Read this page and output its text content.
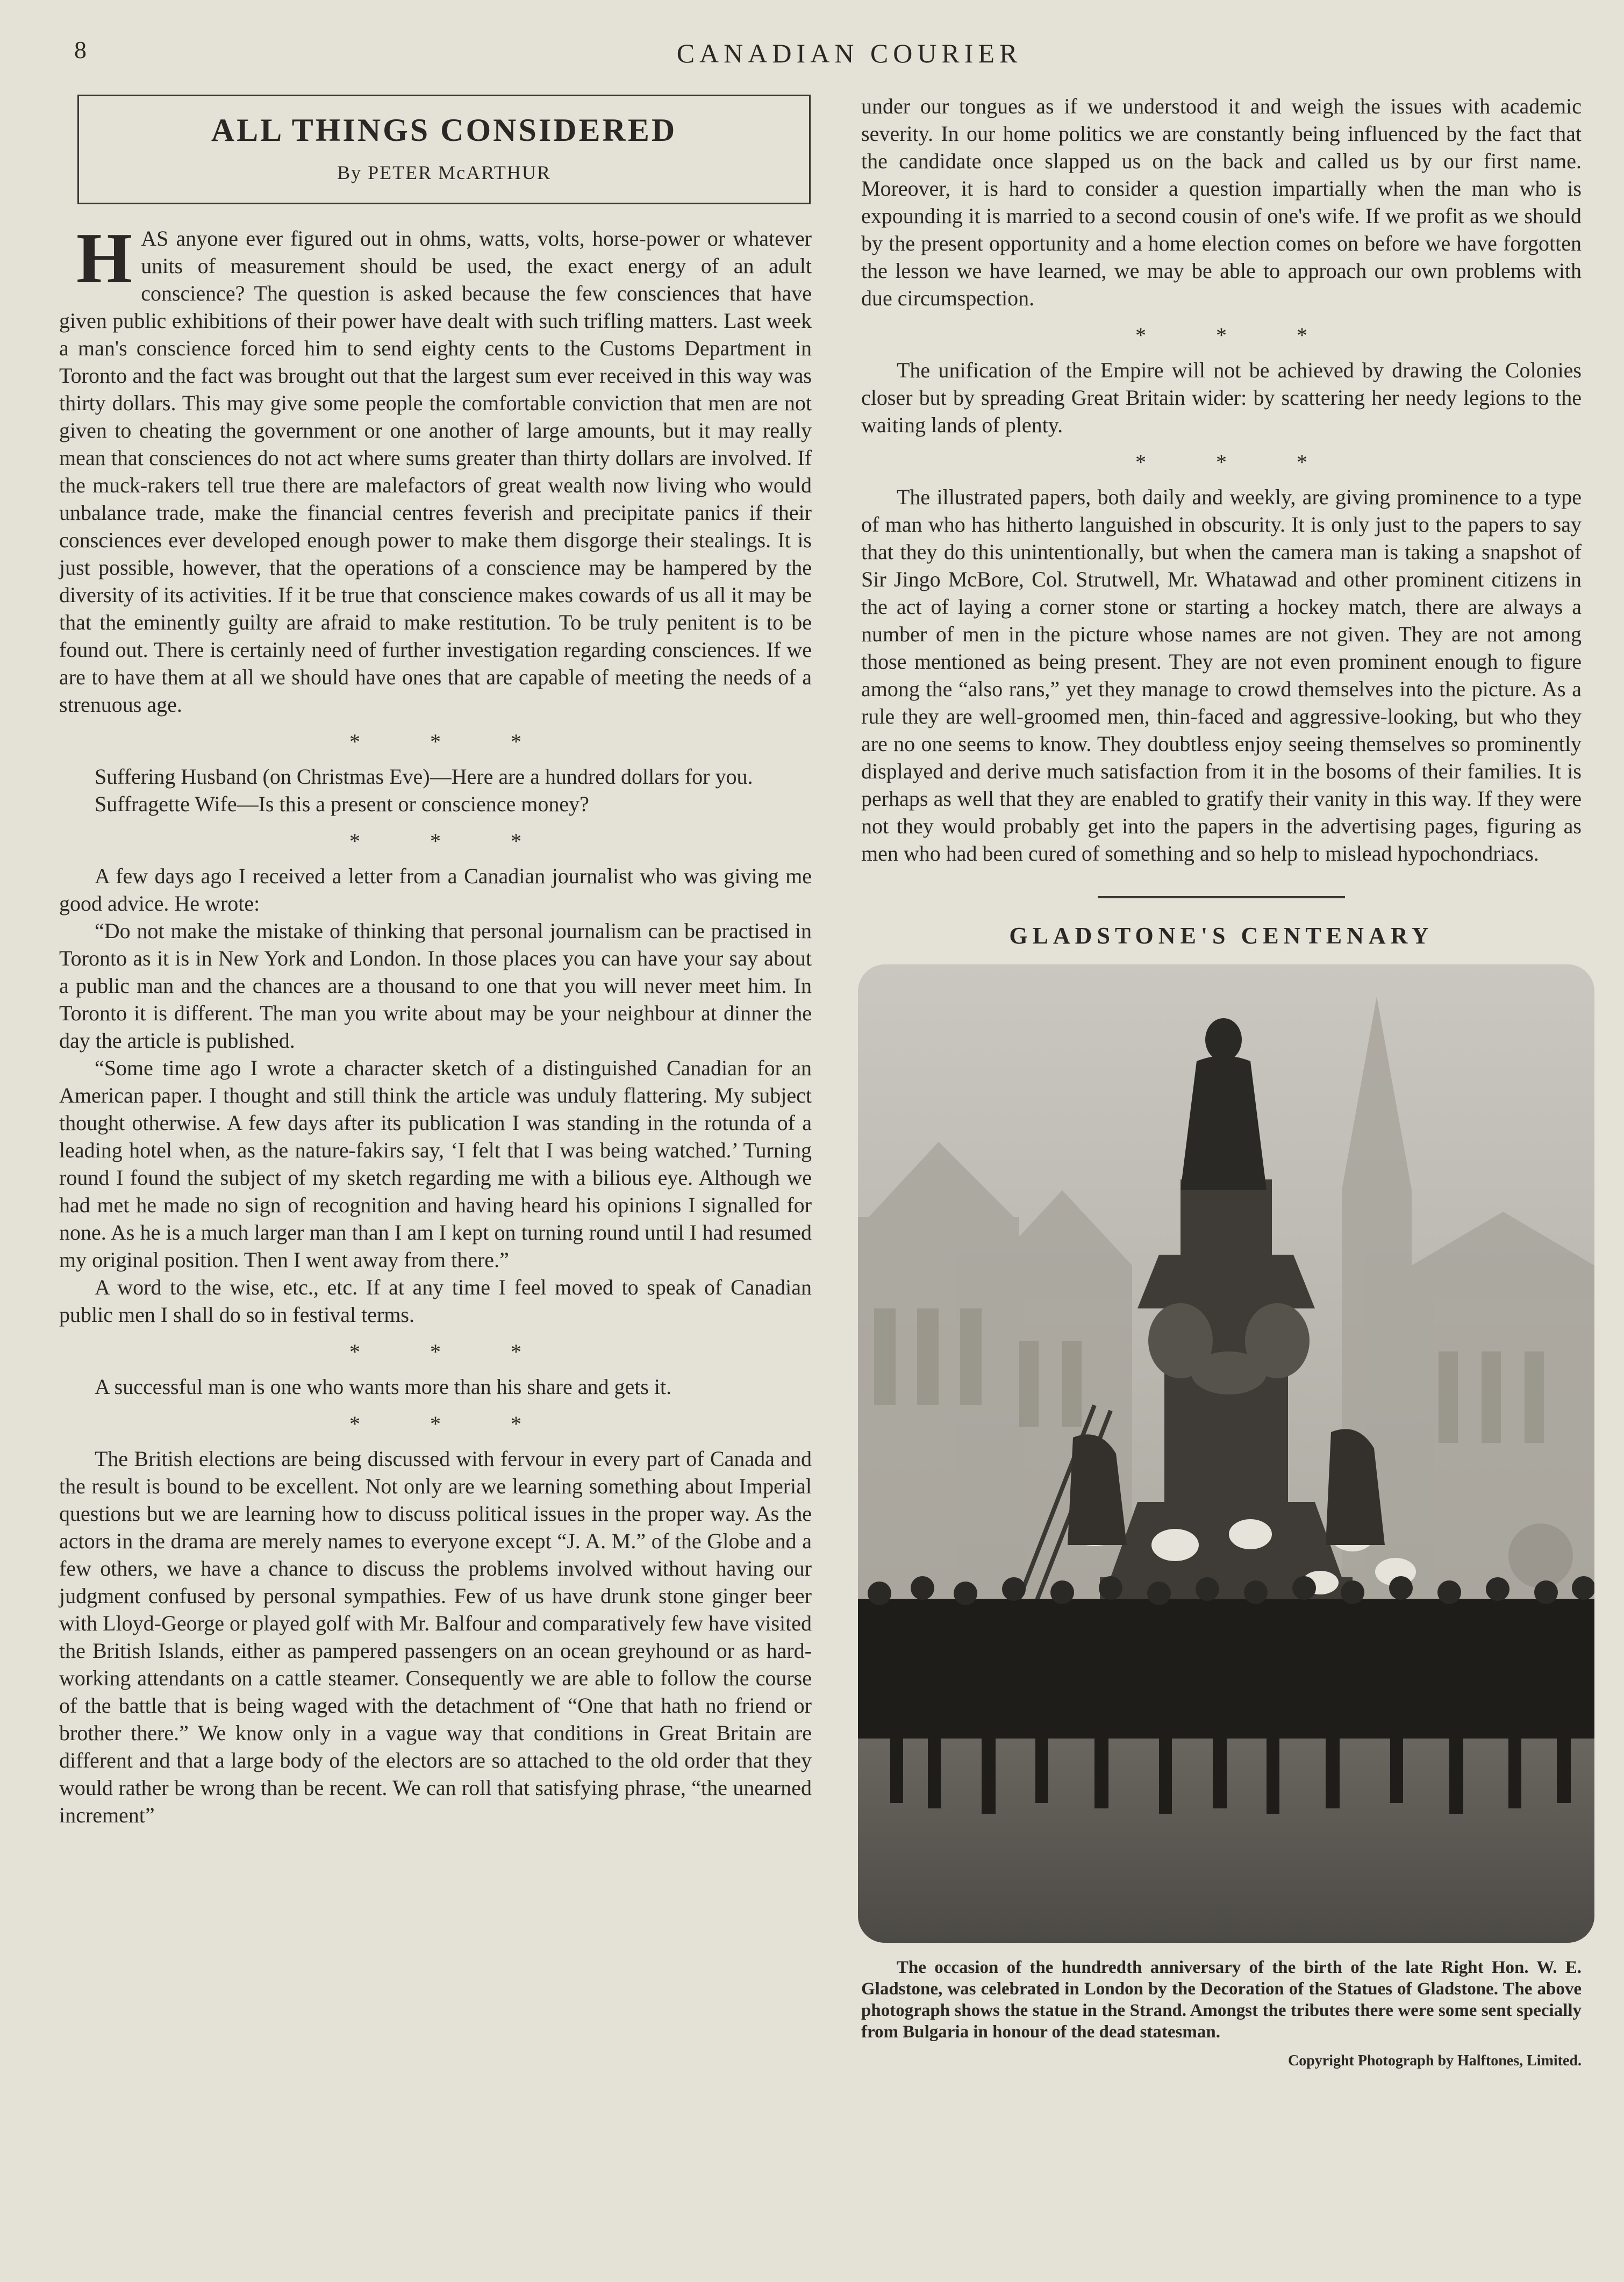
8	CANADIAN COURIER
ALL THINGS CONSIDERED
By PETER McARTHUR

HAS anyone ever figured out in ohms, watts, volts, horse-power or whatever units of measurement should be used, the exact energy of an adult conscience? The question is asked because the few consciences that have given public exhibitions of their power have dealt with such trifling matters. Last week a man's conscience forced him to send eighty cents to the Customs Department in Toronto and the fact was brought out that the largest sum ever received in this way was thirty dollars. This may give some people the comfortable conviction that men are not given to cheating the government or one another of large amounts, but it may really mean that consciences do not act where sums greater than thirty dollars are involved. If the muck-rakers tell true there are malefactors of great wealth now living who would unbalance trade, make the financial centres feverish and precipitate panics if their consciences ever developed enough power to make them disgorge their stealings. It is just possible, however, that the operations of a conscience may be hampered by the diversity of its activities. If it be true that conscience makes cowards of us all it may be that the eminently guilty are afraid to make restitution. To be truly penitent is to be found out. There is certainly need of further investigation regarding consciences. If we are to have them at all we should have ones that are capable of meeting the needs of a strenuous age.

* * *

Suffering Husband (on Christmas Eve)—Here are a hundred dollars for you.

Suffragette Wife—Is this a present or conscience money?

* * *

A few days ago I received a letter from a Canadian journalist who was giving me good advice. He wrote:

“Do not make the mistake of thinking that personal journalism can be practised in Toronto as it is in New York and London. In those places you can have your say about a public man and the chances are a thousand to one that you will never meet him. In Toronto it is different. The man you write about may be your neighbour at dinner the day the article is published.

“Some time ago I wrote a character sketch of a distinguished Canadian for an American paper. I thought and still think the article was unduly flattering. My subject thought otherwise. A few days after its publication I was standing in the rotunda of a leading hotel when, as the nature-fakirs say, ‘I felt that I was being watched.’ Turning round I found the subject of my sketch regarding me with a bilious eye. Although we had met he made no sign of recognition and having heard his opinions I signalled for none. As he is a much larger man than I am I kept on turning round until I had resumed my original position. Then I went away from there.”

A word to the wise, etc., etc. If at any time I feel moved to speak of Canadian public men I shall do so in festival terms.

* * *

A successful man is one who wants more than his share and gets it.

* * *

The British elections are being discussed with fervour in every part of Canada and the result is bound to be excellent. Not only are we learning something about Imperial questions but we are learning how to discuss political issues in the proper way. As the actors in the drama are merely names to everyone except “J. A. M.” of the Globe and a few others, we have a chance to discuss the problems involved without having our judgment confused by personal sympathies. Few of us have drunk stone ginger beer with Lloyd-George or played golf with Mr. Balfour and comparatively few have visited the British Islands, either as pampered passengers on an ocean greyhound or as hard-working attendants on a cattle steamer. Consequently we are able to follow the course of the battle that is being waged with the detachment of “One that hath no friend or brother there.” We know only in a vague way that conditions in Great Britain are different and that a large body of the electors are so attached to the old order that they would rather be wrong than be recent. We can roll that satisfying phrase, “the unearned increment”

under our tongues as if we understood it and weigh the issues with academic severity. In our home politics we are constantly being influenced by the fact that the candidate once slapped us on the back and called us by our first name. Moreover, it is hard to consider a question impartially when the man who is expounding it is married to a second cousin of one's wife. If we profit as we should by the present opportunity and a home election comes on before we have forgotten the lesson we have learned, we may be able to approach our own problems with due circumspection.

* * *

The unification of the Empire will not be achieved by drawing the Colonies closer but by spreading Great Britain wider: by scattering her needy legions to the waiting lands of plenty.

* * *

The illustrated papers, both daily and weekly, are giving prominence to a type of man who has hitherto languished in obscurity. It is only just to the papers to say that they do this unintentionally, but when the camera man is taking a snapshot of Sir Jingo McBore, Col. Strutwell, Mr. Whatawad and other prominent citizens in the act of laying a corner stone or starting a hockey match, there are always a number of men in the picture whose names are not given. They are not among those mentioned as being present. They are not even prominent enough to figure among the “also rans,” yet they manage to crowd themselves into the picture. As a rule they are well-groomed men, thin-faced and aggressive-looking, but who they are no one seems to know. They doubtless enjoy seeing themselves so prominently displayed and derive much satisfaction from it in the bosoms of their families. It is perhaps as well that they are enabled to gratify their vanity in this way. If they were not they would probably get into the papers in the advertising pages, figuring as men who had been cured of something and so help to mislead hypochondriacs.

GLADSTONE'S CENTENARY

The occasion of the hundredth anniversary of the birth of the late Right Hon. W. E. Gladstone, was celebrated in London by the Decoration of the Statues of Gladstone. The above photograph shows the statue in the Strand. Amongst the tributes there were some sent specially from Bulgaria in honour of the dead statesman.

Copyright Photograph by Halftones, Limited.
